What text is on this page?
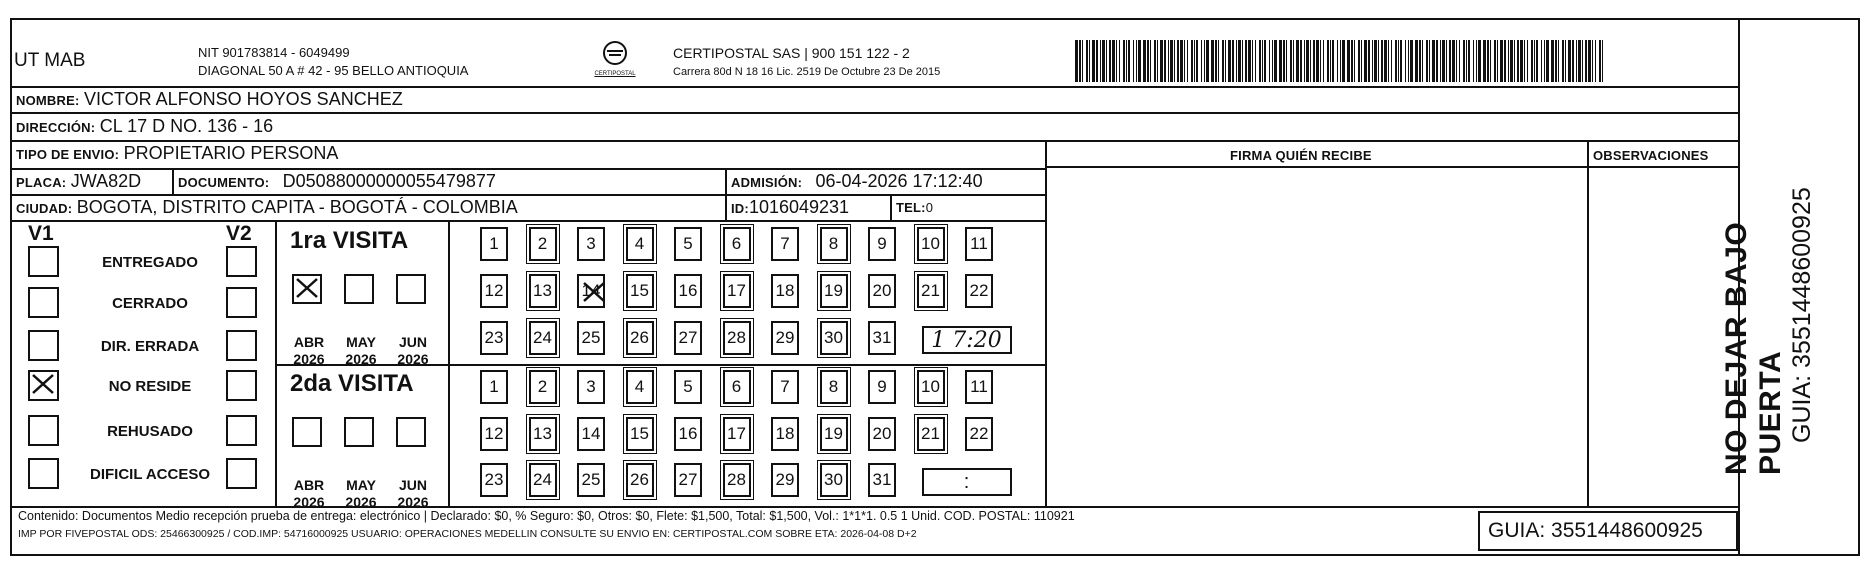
UT MAB	NIT 901783814 - 6049499
DIAGONAL 50 A # 42 - 95 BELLO ANTIOQUIA	CERTIPOSTAL
CERTIPOSTAL SAS | 900 151 122 - 2
Carrera 80d N 18 16 Lic. 2519 De Octubre 23 De 2015
NOMBRE: VICTOR ALFONSO HOYOS SANCHEZ
DIRECCIÓN: CL 17 D NO. 136 - 16
TIPO DE ENVIO: PROPIETARIO PERSONA	FIRMA QUIÉN RECIBE	OBSERVACIONES
PLACA: JWA82D	DOCUMENTO: D05088000000055479877	ADMISIÓN: 06-04-2026 17:12:40
CIUDAD: BOGOTA, DISTRITO CAPITA - BOGOTÁ - COLOMBIA	ID:1016049231	TEL:0
V1	V2 1ra VISITA
2da VISITA
Contenido: Documentos Medio recepción prueba de entrega: electrónico | Declarado: $0, % Seguro: $0, Otros: $0, Flete: $1,500, Total: $1,500, Vol.: 1*1*1. 0.5 1 Unid. COD. POSTAL: 110921
IMP POR FIVEPOSTAL ODS: 25466300925 / COD.IMP: 54716000925 USUARIO: OPERACIONES MEDELLIN CONSULTE SU ENVIO EN: CERTIPOSTAL.COM SOBRE ETA: 2026-04-08 D+2	GUIA: 3551448600925
NO DEJAR BAJO PUERTA GUIA: 3551448600925
ENTREGADO
CERRADO
DIR. ERRADA
NO RESIDE
REHUSADO
DIFICIL ACCESO
ABR
2026
MAY
2026
JUN
2026
ABR
2026
MAY
2026
JUN
2026
1	2	3	4	5	6	7	8	9	10	11
12 13 14 15 16 17 18 19 20 21 22
23 24 25 26 27 28 29 30 31	1 7:20
1	2	3	4	5	6	7	8	9	10	11
12 13 14 15 16 17 18 19 20 21 22
23 24 25 26 27 28 29 30 31	:
